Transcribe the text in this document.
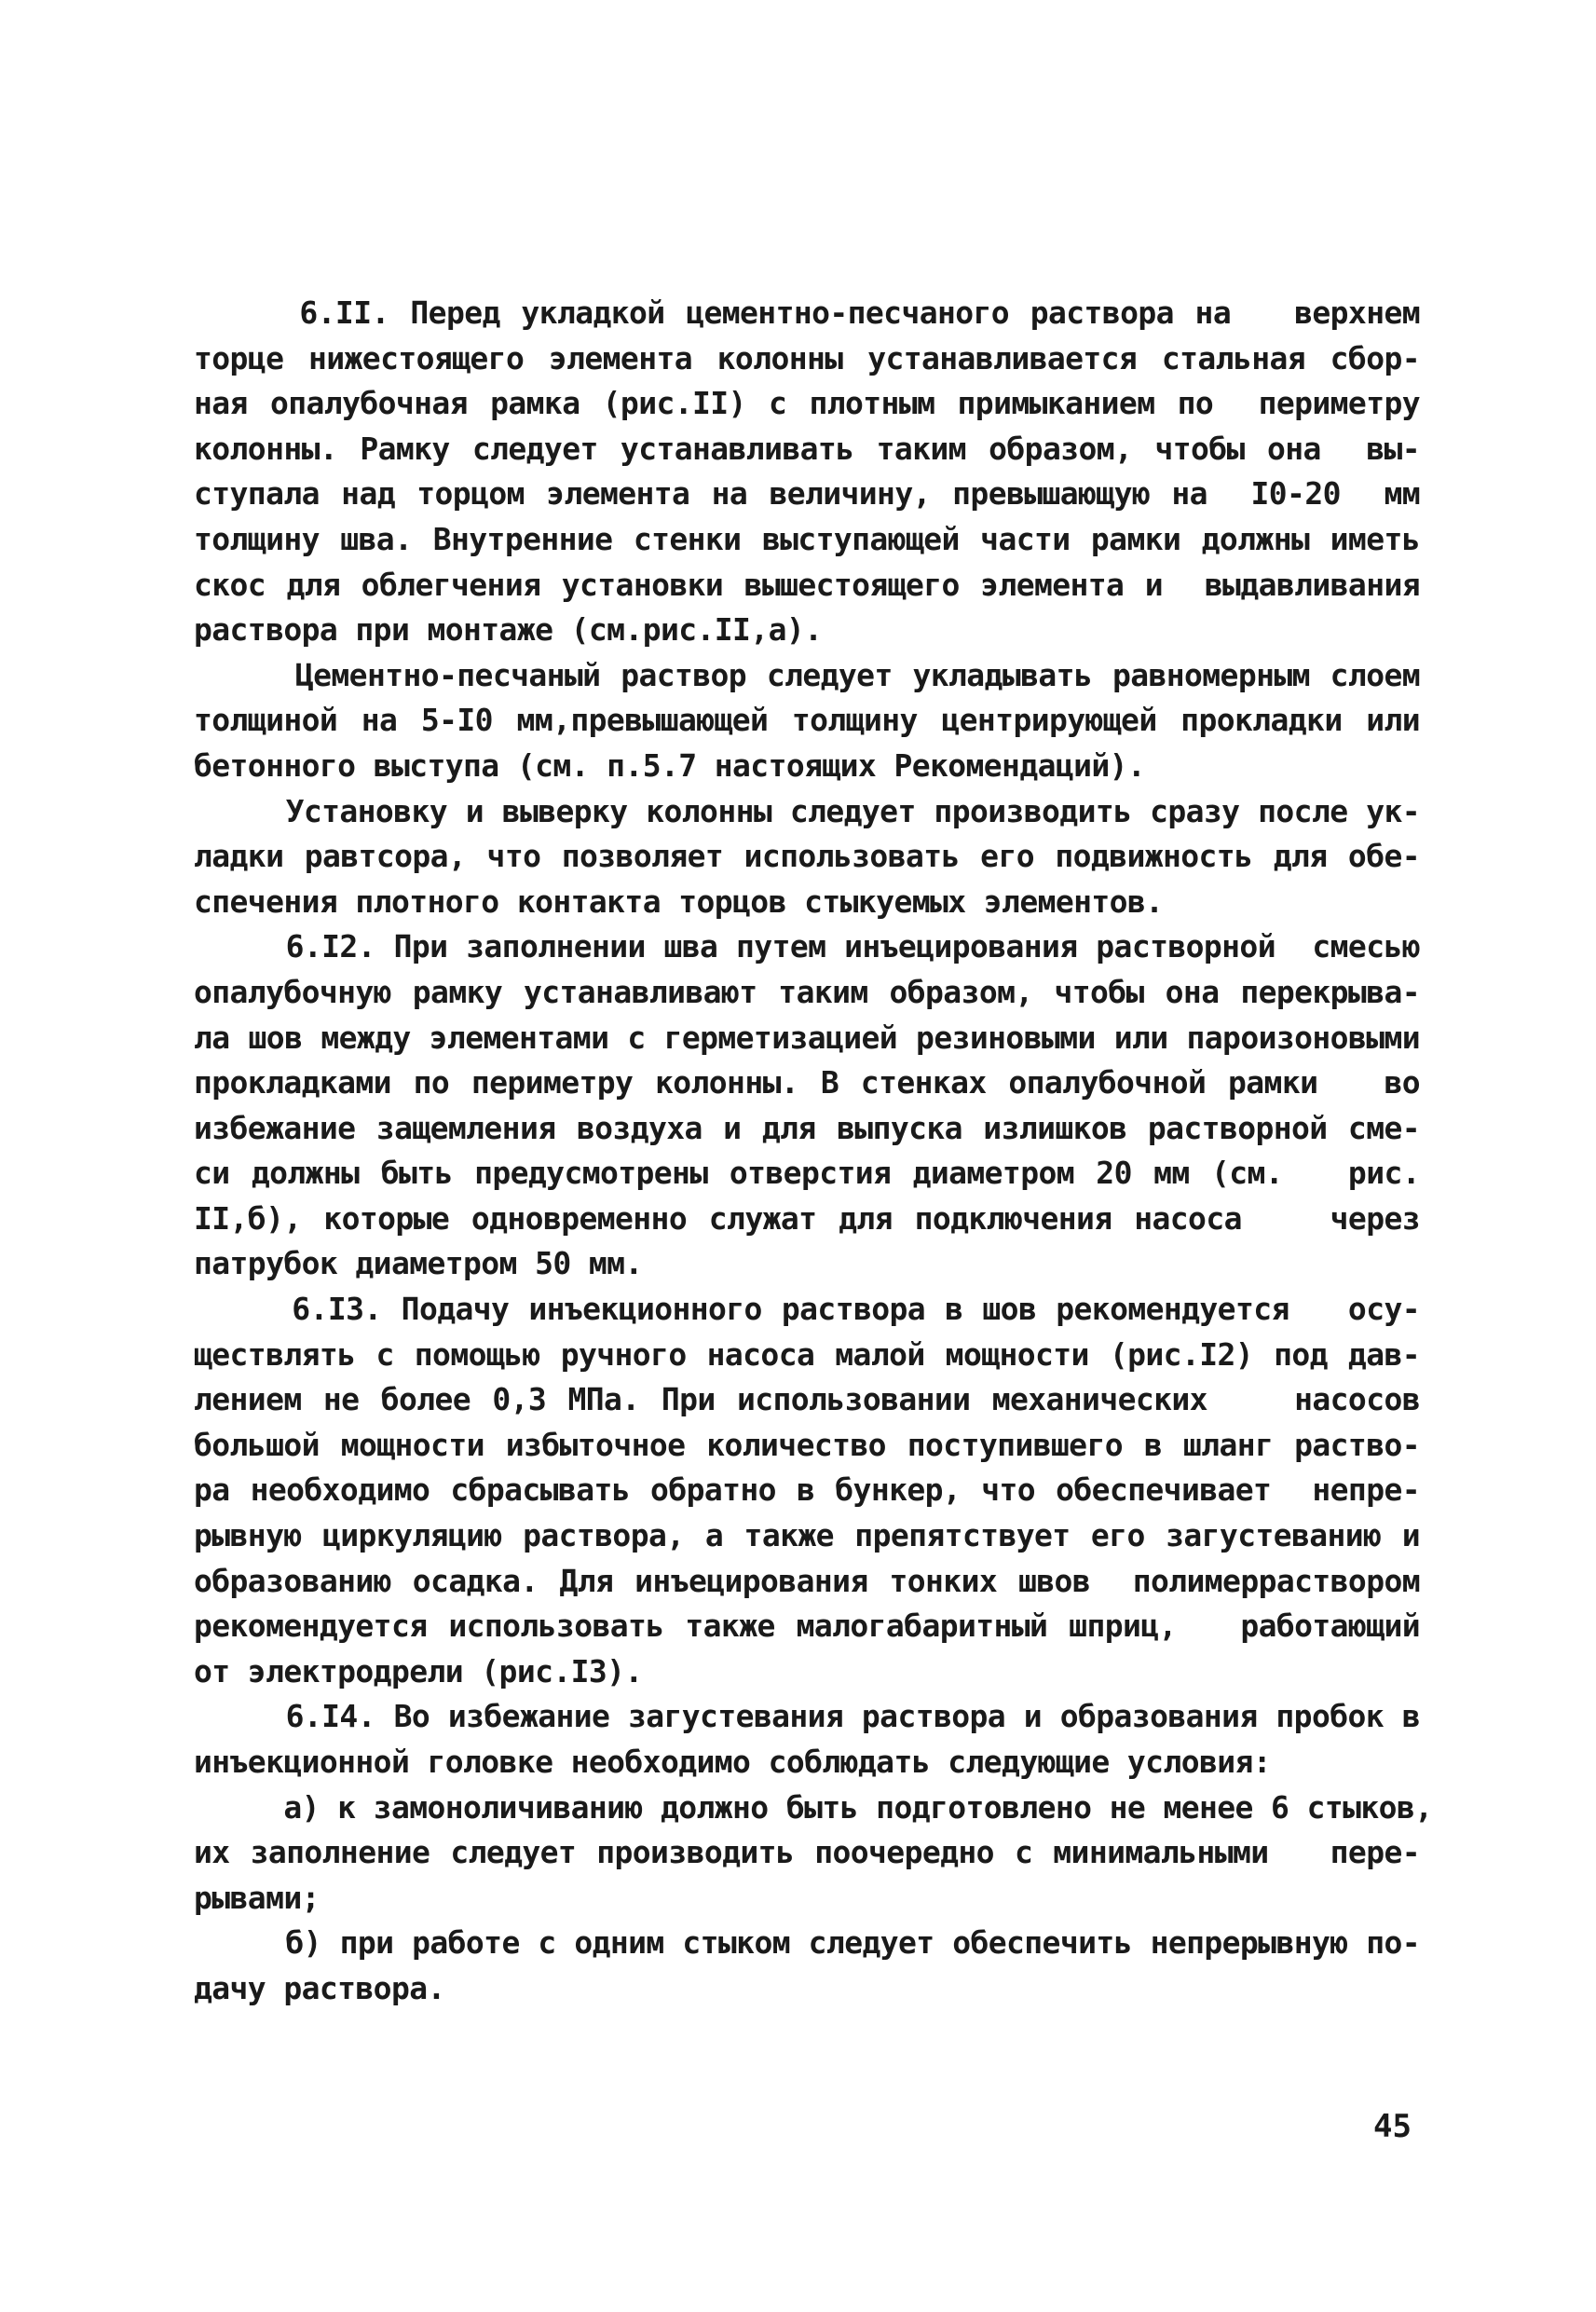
6.II. Перед укладкой цементно-песчаного раствора на   верхнем
торце нижестоящего элемента колонны устанавливается стальная сбор-
ная опалубочная рамка (рис.II) с плотным примыканием по  периметру
колонны. Рамку следует устанавливать таким образом, чтобы она  вы-
ступала над торцом элемента на величину, превышающую на  I0-20  мм
толщину шва. Внутренние стенки выступающей части рамки должны иметь
скос для облегчения установки вышестоящего элемента и  выдавливания
раствора при монтаже (см.рис.II,а).
Цементно-песчаный раствор следует укладывать равномерным слоем
толщиной на 5-I0 мм,превышающей толщину центрирующей прокладки или
бетонного выступа (см. п.5.7 настоящих Рекомендаций).
Установку и выверку колонны следует производить сразу после ук-
ладки равтсора, что позволяет использовать его подвижность для обе-
спечения плотного контакта торцов стыкуемых элементов.
6.I2. При заполнении шва путем инъецирования растворной  смесью
опалубочную рамку устанавливают таким образом, чтобы она перекрыва-
ла шов между элементами с герметизацией резиновыми или пароизоновыми
прокладками по периметру колонны. В стенках опалубочной рамки   во
избежание защемления воздуха и для выпуска излишков растворной сме-
си должны быть предусмотрены отверстия диаметром 20 мм (см.   рис.
II,б), которые одновременно служат для подключения насоса    через
патрубок диаметром 50 мм.
6.I3. Подачу инъекционного раствора в шов рекомендуется   осу-
ществлять с помощью ручного насоса малой мощности (рис.I2) под дав-
лением не более 0,3 МПа. При использовании механических    насосов
большой мощности избыточное количество поступившего в шланг раство-
ра необходимо сбрасывать обратно в бункер, что обеспечивает  непре-
рывную циркуляцию раствора, а также препятствует его загустеванию и
образованию осадка. Для инъецирования тонких швов  полимерраствором
рекомендуется использовать также малогабаритный шприц,   работающий
от электродрели (рис.I3).
6.I4. Во избежание загустевания раствора и образования пробок в
инъекционной головке необходимо соблюдать следующие условия:
а) к замоноличиванию должно быть подготовлено не менее 6 стыков,
их заполнение следует производить поочередно с минимальными   пере-
рывами;
б) при работе с одним стыком следует обеспечить непрерывную по-
дачу раствора.
45
